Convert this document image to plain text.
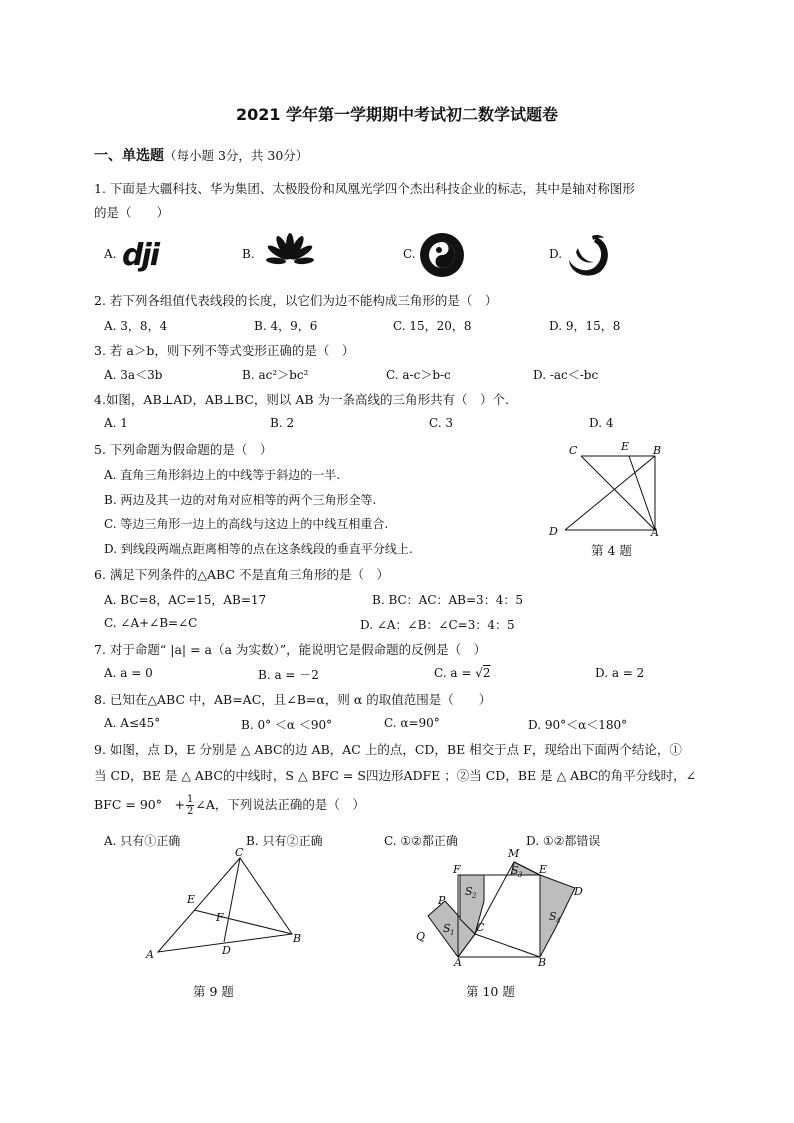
2021 学年第一学期期中考试初二数学试题卷
一、单选题（每小题 3分，共 30分）
1. 下面是大疆科技、华为集团、太极股份和凤凰光学四个杰出科技企业的标志，其中是轴对称图形
的是（　　）
A. dji	B.	C.	D.
2. 若下列各组值代表线段的长度，以它们为边不能构成三角形的是（　）
A. 3，8，4	B. 4，9，6	C. 15，20，8	D. 9，15，8
3. 若 a＞b，则下列不等式变形正确的是（　）
A. 3a＜3b	B. ac²＞bc²	C. a-c＞b-c	D. -ac＜-bc
4.如图，AB⊥AD，AB⊥BC，则以 AB 为一条高线的三角形共有（　）个.
A. 1	B. 2	C. 3	D. 4
C	E B
D	A
第 4 题
5. 下列命题为假命题的是（　）
A. 直角三角形斜边上的中线等于斜边的一半.
B. 两边及其一边的对角对应相等的两个三角形全等.
C. 等边三角形一边上的高线与这边上的中线互相重合.
D. 到线段两端点距离相等的点在这条线段的垂直平分线上.
6. 满足下列条件的△ABC 不是直角三角形的是（　）
A. BC=8，AC=15，AB=17	B. BC：AC：AB=3：4：5
C. ∠A+∠B=∠C	D. ∠A：∠B：∠C=3：4：5
7. 对于命题“ |a| = a（a 为实数）”，能说明它是假命题的反例是（　）
A. a = 0	B. a = －2	C. a = √2	D. a = 2
8. 已知在△ABC 中，AB=AC，且∠B=α，则 α 的取值范围是（　　）
A. A≤45°	B. 0° ＜α ＜90°	C. α=90°	D. 90°＜α＜180°
9. 如图，点 D，E 分别是 △ ABC的边 AB，AC 上的点，CD，BE 相交于点 F，现给出下面两个结论，①
当 CD，BE 是 △ ABC的中线时，S △ BFC = S四边形ADFE ；②当 CD，BE 是 △ ABC的角平分线时，∠
BFC = 90°　+ $\frac{1}{2}$ ∠A，下列说法正确的是（　）
A. 只有①正确	B. 只有②正确	C. ①②都正确	D. ①②都错误
C
E
F
A	D
B
第 9 题
M
F	E
D
S 2
S 3
S 4
P
S 1
Q
C
A	B
第 10 题
